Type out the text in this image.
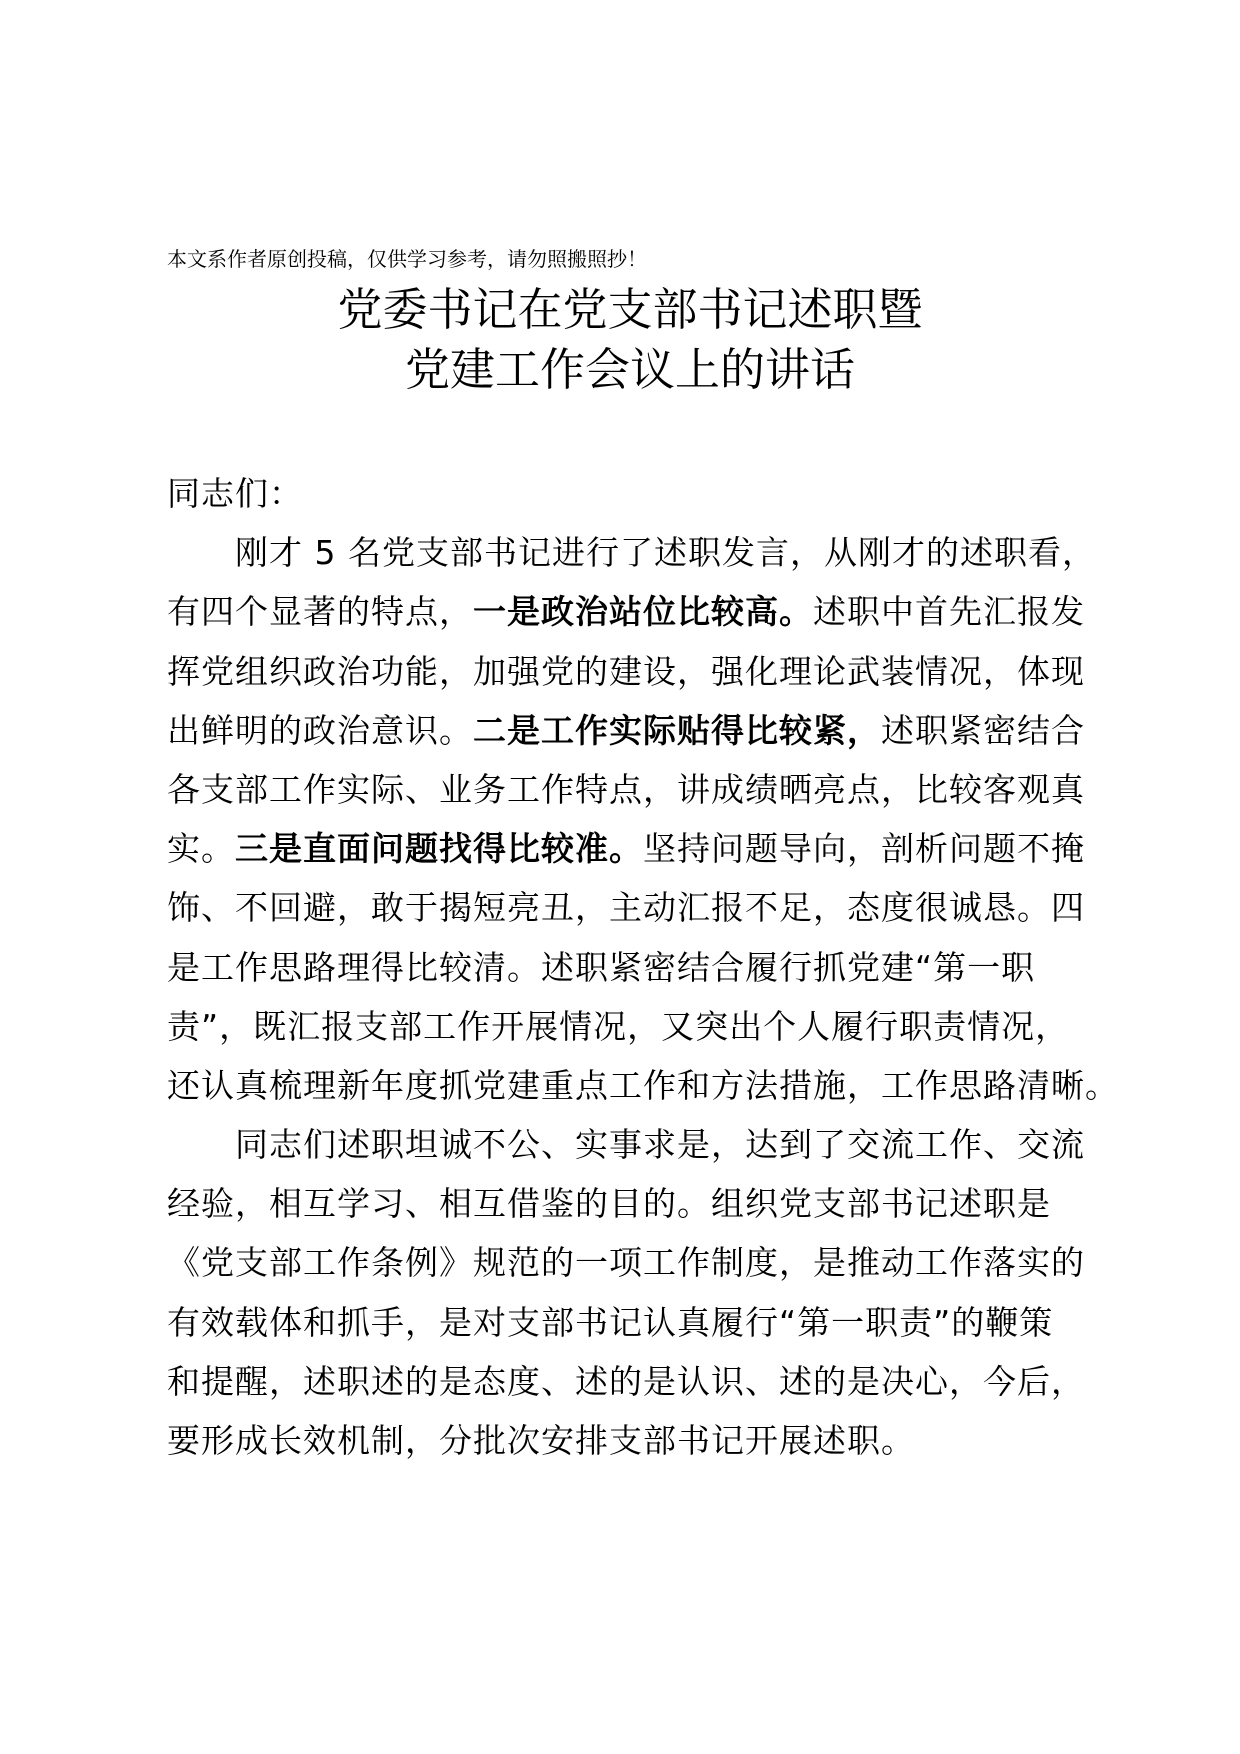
本文系作者原创投稿，仅供学习参考，请勿照搬照抄！
党委书记在党支部书记述职暨
党建工作会议上的讲话
同志们：
刚才 5 名党支部书记进行了述职发言，从刚才的述职看，
有四个显著的特点，一是政治站位比较高。述职中首先汇报发
挥党组织政治功能，加强党的建设，强化理论武装情况，体现
出鲜明的政治意识。二是工作实际贴得比较紧，述职紧密结合
各支部工作实际、业务工作特点，讲成绩晒亮点，比较客观真
实。三是直面问题找得比较准。坚持问题导向，剖析问题不掩
饰、不回避，敢于揭短亮丑，主动汇报不足，态度很诚恳。四
是工作思路理得比较清。述职紧密结合履行抓党建“第一职
责”，既汇报支部工作开展情况，又突出个人履行职责情况，
还认真梳理新年度抓党建重点工作和方法措施，工作思路清晰。
同志们述职坦诚不公、实事求是，达到了交流工作、交流
经验，相互学习、相互借鉴的目的。组织党支部书记述职是
《党支部工作条例》规范的一项工作制度，是推动工作落实的
有效载体和抓手，是对支部书记认真履行“第一职责”的鞭策
和提醒，述职述的是态度、述的是认识、述的是决心，今后，
要形成长效机制，分批次安排支部书记开展述职。
